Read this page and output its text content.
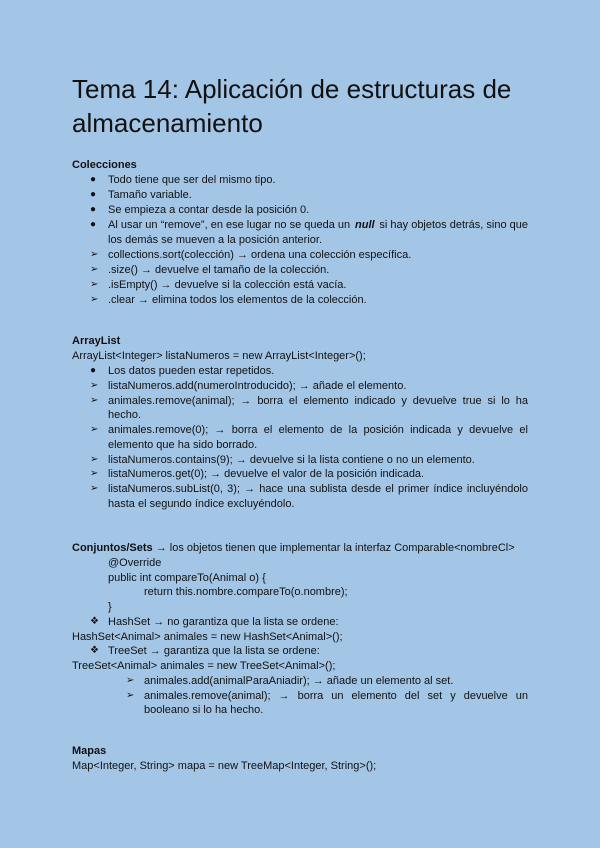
Tema 14: Aplicación de estructuras de almacenamiento
Colecciones
● Todo tiene que ser del mismo tipo.
● Tamaño variable.
● Se empieza a contar desde la posición 0.
● Al usar un “remove”, en ese lugar no se queda un null si hay objetos detrás, sino que
los demás se mueven a la posición anterior.
➢ collections.sort(colección) → ordena una colección específica.
➢ .size() → devuelve el tamaño de la colección.
➢ .isEmpty() → devuelve si la colección está vacía.
➢ .clear → elimina todos los elementos de la colección.
ArrayList
ArrayList<Integer> listaNumeros = new ArrayList<Integer>();
● Los datos pueden estar repetidos.
➢ listaNumeros.add(numeroIntroducido); → añade el elemento.
➢ animales.remove(animal); → borra el elemento indicado y devuelve true si lo ha
hecho.
➢ animales.remove(0); → borra el elemento de la posición indicada y devuelve el
elemento que ha sido borrado.
➢ listaNumeros.contains(9); → devuelve si la lista contiene o no un elemento.
➢ listaNumeros.get(0); → devuelve el valor de la posición indicada.
➢ listaNumeros.subList(0, 3); → hace una sublista desde el primer índice incluyéndolo
hasta el segundo índice excluyéndolo.
Conjuntos/Sets → los objetos tienen que implementar la interfaz Comparable<nombreCl>
@Override
public int compareTo(Animal o) {
return this.nombre.compareTo(o.nombre);
}
❖ HashSet → no garantiza que la lista se ordene:
HashSet<Animal> animales = new HashSet<Animal>();
❖ TreeSet → garantiza que la lista se ordene:
TreeSet<Animal> animales = new TreeSet<Animal>();
➢ animales.add(animalParaAniadir); → añade un elemento al set.
➢ animales.remove(animal); → borra un elemento del set y devuelve un
booleano si lo ha hecho.
Mapas
Map<Integer, String> mapa = new TreeMap<Integer, String>();
